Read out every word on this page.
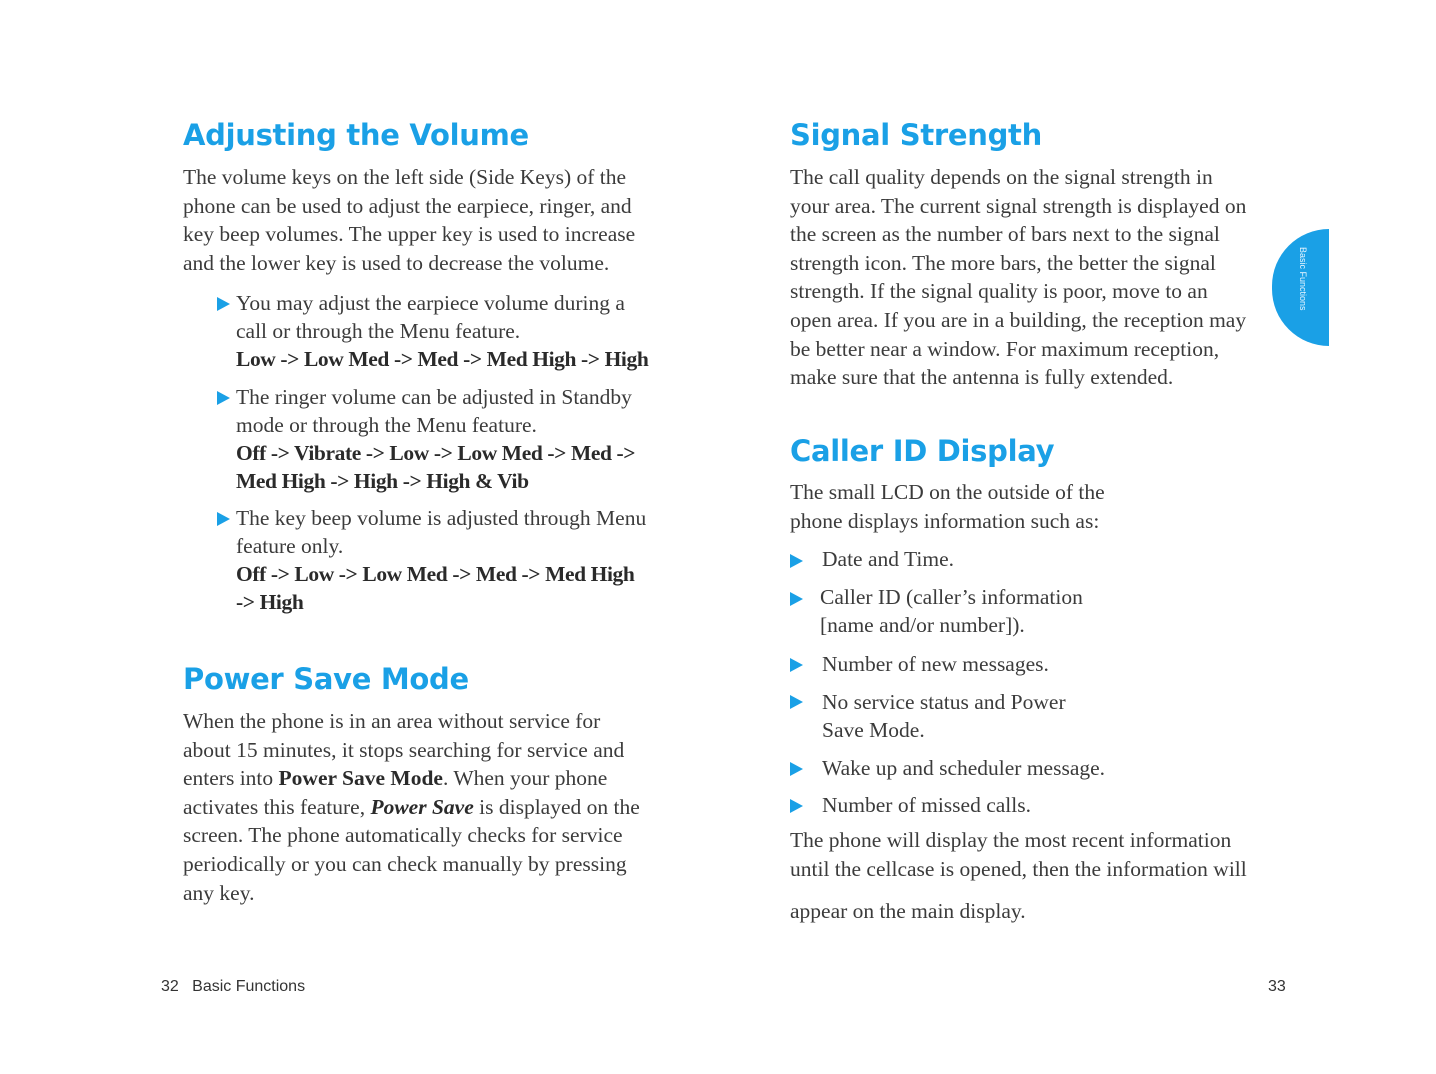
Adjusting the Volume

The volume keys on the left side (Side Keys) of the
phone can be used to adjust the earpiece, ringer, and
key beep volumes. The upper key is used to increase
and the lower key is used to decrease the volume.

You may adjust the earpiece volume during a
call or through the Menu feature.
Low -> Low Med -> Med -> Med High -> High

The ringer volume can be adjusted in Standby
mode or through the Menu feature.
Off -> Vibrate -> Low -> Low Med -> Med ->
Med High -> High -> High & Vib

The key beep volume is adjusted through Menu
feature only.
Off -> Low -> Low Med -> Med -> Med High
-> High

Power Save Mode

When the phone is in an area without service for
about 15 minutes, it stops searching for service and
enters into Power Save Mode. When your phone
activates this feature, Power Save is displayed on the
screen. The phone automatically checks for service
periodically or you can check manually by pressing
any key.

32 Basic Functions
Signal Strength

The call quality depends on the signal strength in
your area. The current signal strength is displayed on
the screen as the number of bars next to the signal
strength icon. The more bars, the better the signal
strength. If the signal quality is poor, move to an
open area. If you are in a building, the reception may
be better near a window. For maximum reception,
make sure that the antenna is fully extended.

Caller ID Display

The small LCD on the outside of the
phone displays information such as:

Date and Time.

Caller ID (caller’s information
[name and/or number]).

Number of new messages.

No service status and Power
Save Mode.

Wake up and scheduler message.

Number of missed calls.

The phone will display the most recent information
until the cellcase is opened, then the information will

appear on the main display.

33
Basic Functions
